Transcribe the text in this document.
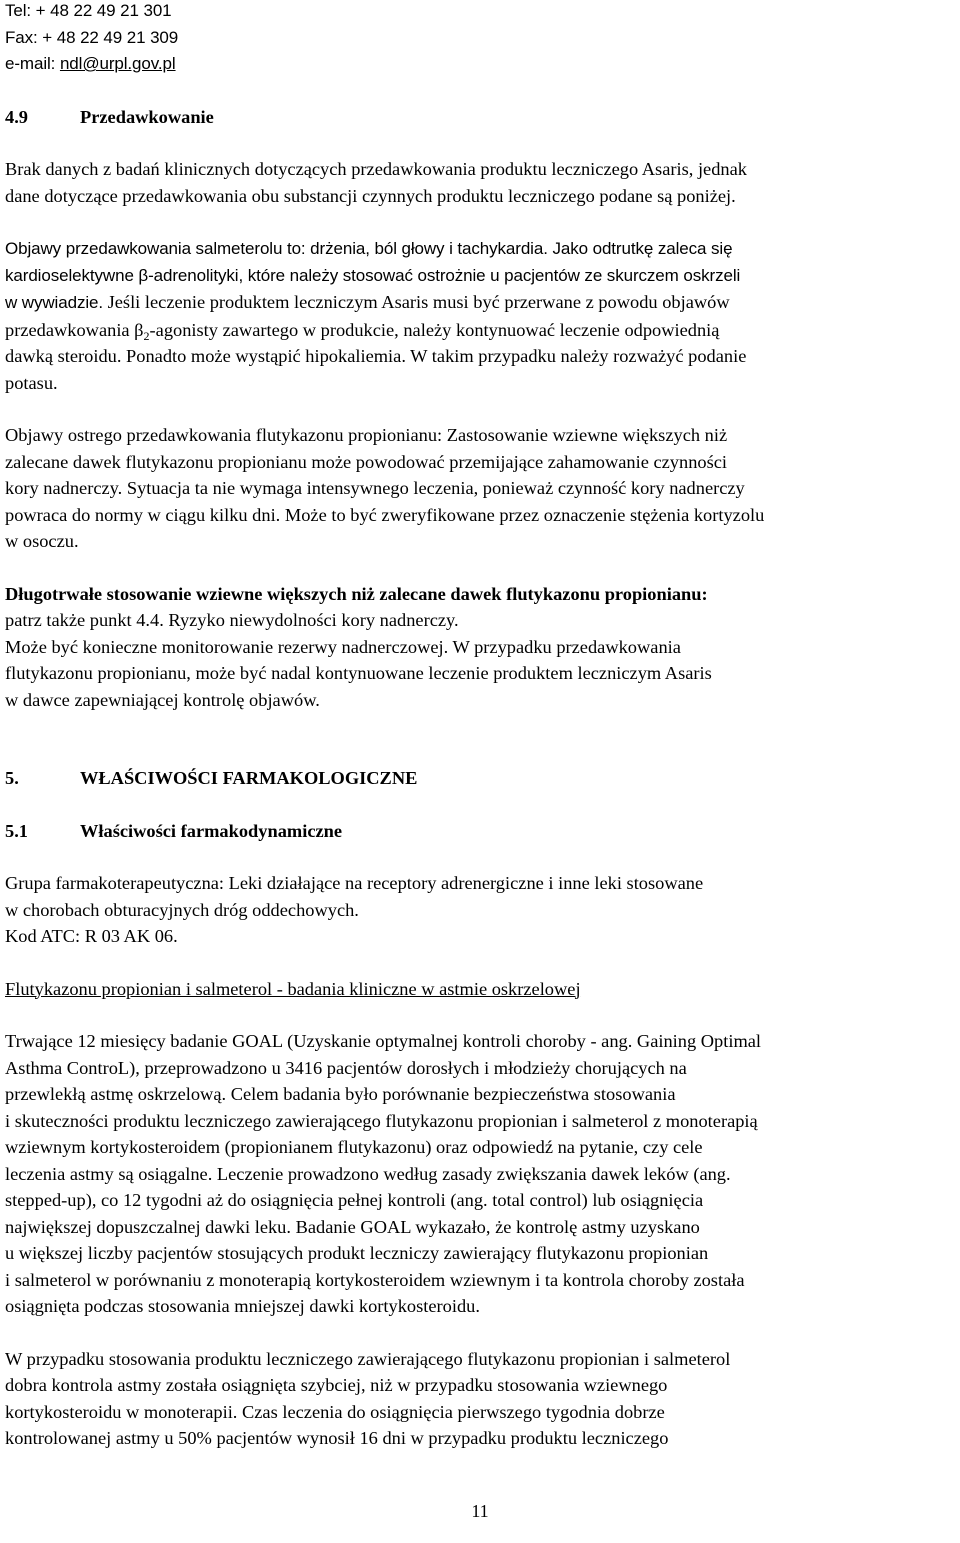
Tel: + 48 22 49 21 301
Fax: + 48 22 49 21 309
e-mail: ndl@urpl.gov.pl
4.9	Przedawkowanie

Brak danych z badań klinicznych dotyczących przedawkowania produktu leczniczego Asaris, jednak
dane dotyczące przedawkowania obu substancji czynnych produktu leczniczego podane są poniżej.

Objawy przedawkowania salmeterolu to: drżenia, ból głowy i tachykardia. Jako odtrutkę zaleca się
kardioselektywne β-adrenolityki, które należy stosować ostrożnie u pacjentów ze skurczem oskrzeli
w wywiadzie. Jeśli leczenie produktem leczniczym Asaris musi być przerwane z powodu objawów
przedawkowania $\beta_2$-agonisty zawartego w produkcie, należy kontynuować leczenie odpowiednią
dawką steroidu. Ponadto może wystąpić hipokaliemia. W takim przypadku należy rozważyć podanie
potasu.

Objawy ostrego przedawkowania flutykazonu propionianu: Zastosowanie wziewne większych niż
zalecane dawek flutykazonu propionianu może powodować przemijające zahamowanie czynności
kory nadnerczy. Sytuacja ta nie wymaga intensywnego leczenia, ponieważ czynność kory nadnerczy
powraca do normy w ciągu kilku dni. Może to być zweryfikowane przez oznaczenie stężenia kortyzolu
w osoczu.

Długotrwałe stosowanie wziewne większych niż zalecane dawek flutykazonu propionianu:
patrz także punkt 4.4. Ryzyko niewydolności kory nadnerczy.
Może być konieczne monitorowanie rezerwy nadnerczowej. W przypadku przedawkowania
flutykazonu propionianu, może być nadal kontynuowane leczenie produktem leczniczym Asaris
w dawce zapewniającej kontrolę objawów.

5.	WŁAŚCIWOŚCI FARMAKOLOGICZNE
5.1	Właściwości farmakodynamiczne

Grupa farmakoterapeutyczna: Leki działające na receptory adrenergiczne i inne leki stosowane
w chorobach obturacyjnych dróg oddechowych.
Kod ATC: R 03 AK 06.

Flutykazonu propionian i salmeterol - badania kliniczne w astmie oskrzelowej

Trwające 12 miesięcy badanie GOAL (Uzyskanie optymalnej kontroli choroby - ang. Gaining Optimal
Asthma ControL), przeprowadzono u 3416 pacjentów dorosłych i młodzieży chorujących na
przewlekłą astmę oskrzelową. Celem badania było porównanie bezpieczeństwa stosowania
i skuteczności produktu leczniczego zawierającego flutykazonu propionian i salmeterol z monoterapią
wziewnym kortykosteroidem (propionianem flutykazonu) oraz odpowiedź na pytanie, czy cele
leczenia astmy są osiągalne. Leczenie prowadzono według zasady zwiększania dawek leków (ang.
stepped-up), co 12 tygodni aż do osiągnięcia pełnej kontroli (ang. total control) lub osiągnięcia
największej dopuszczalnej dawki leku. Badanie GOAL wykazało, że kontrolę astmy uzyskano
u większej liczby pacjentów stosujących produkt leczniczy zawierający flutykazonu propionian
i salmeterol w porównaniu z monoterapią kortykosteroidem wziewnym i ta kontrola choroby została
osiągnięta podczas stosowania mniejszej dawki kortykosteroidu.

W przypadku stosowania produktu leczniczego zawierającego flutykazonu propionian i salmeterol
dobra kontrola astmy została osiągnięta szybciej, niż w przypadku stosowania wziewnego
kortykosteroidu w monoterapii. Czas leczenia do osiągnięcia pierwszego tygodnia dobrze
kontrolowanej astmy u 50% pacjentów wynosił 16 dni w przypadku produktu leczniczego

11
